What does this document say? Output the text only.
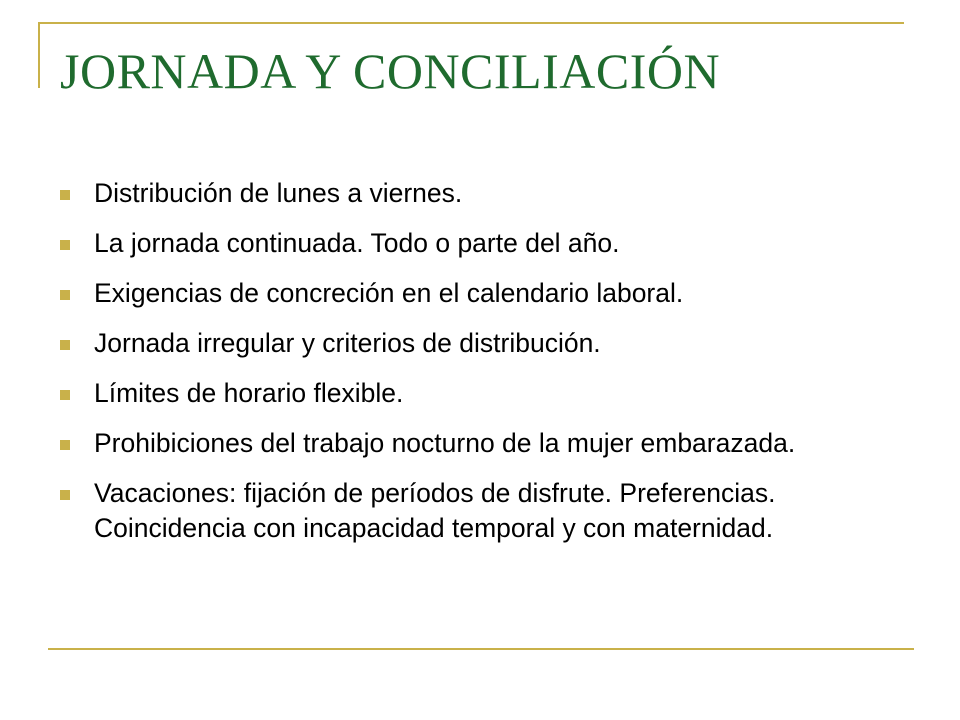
JORNADA Y CONCILIACIÓN
Distribución de lunes a viernes.
La jornada continuada. Todo o parte del año.
Exigencias de concreción en el calendario laboral.
Jornada irregular y criterios de distribución.
Límites de horario flexible.
Prohibiciones del trabajo nocturno de la mujer embarazada.
Vacaciones: fijación de períodos de disfrute. Preferencias. Coincidencia con incapacidad temporal y con maternidad.
